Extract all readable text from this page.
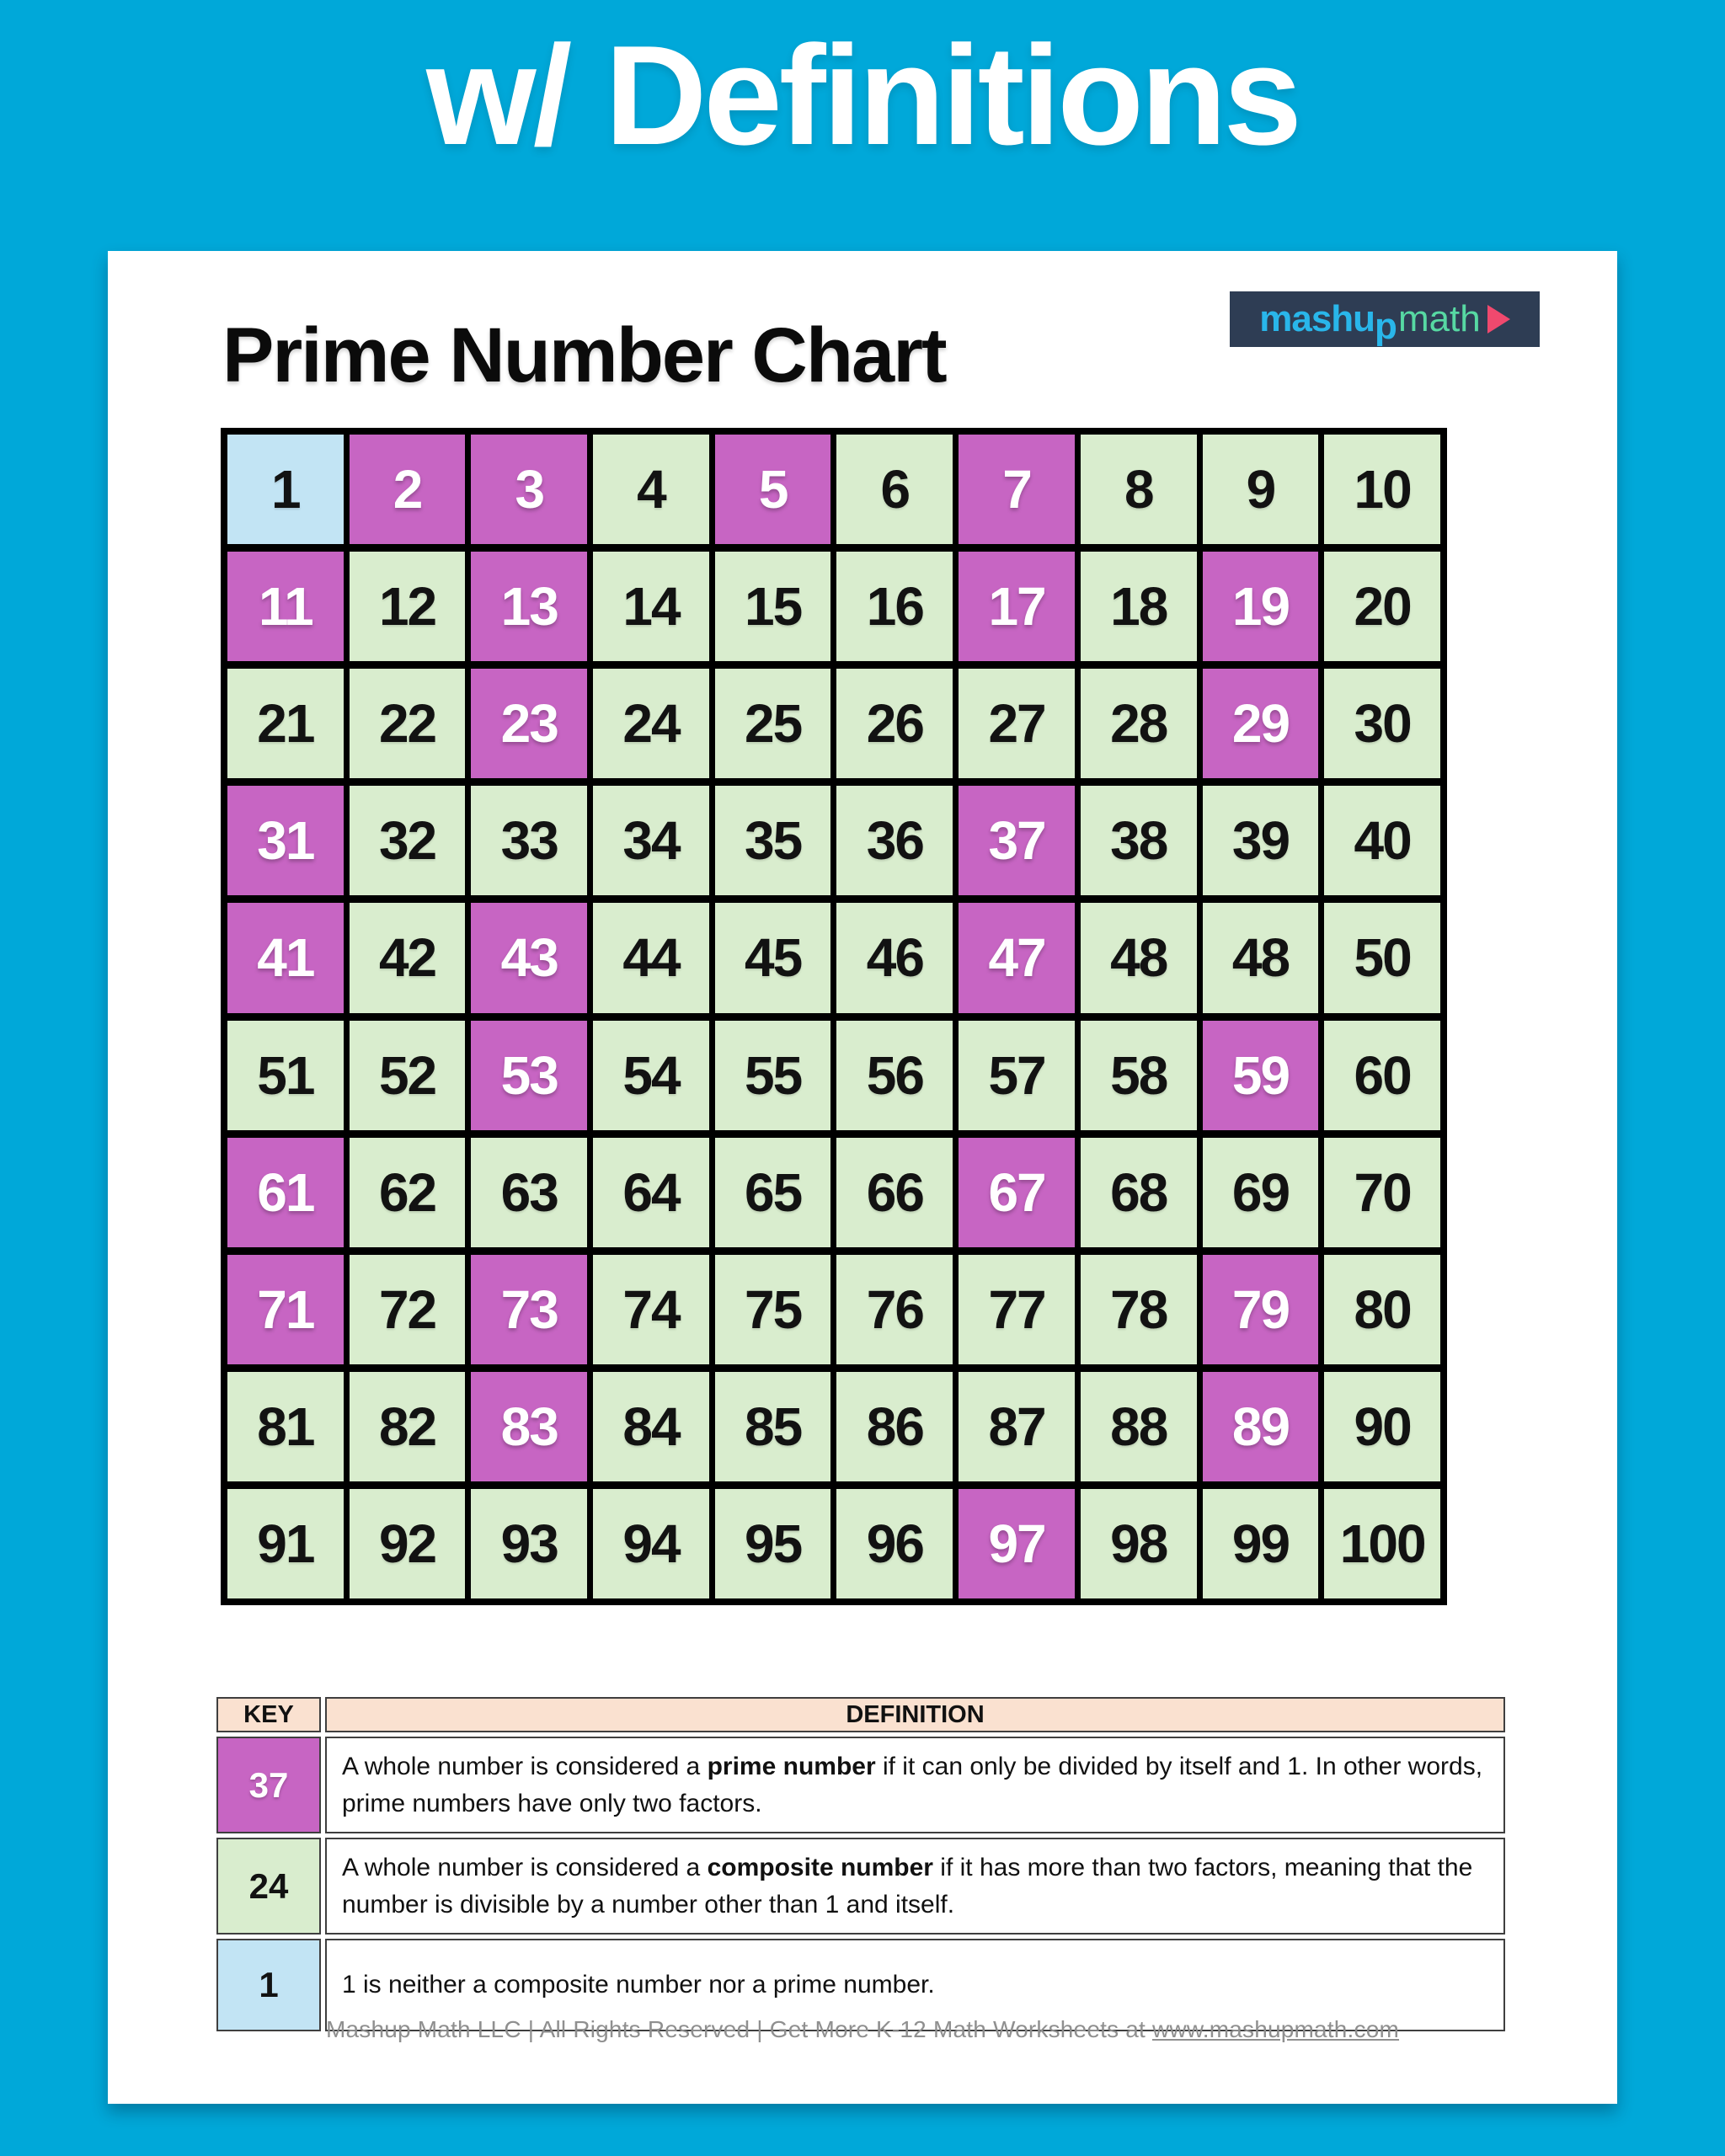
w/ Definitions
mashu p math
Prime Number Chart
1	2	3	4	5	6	7	8	9	10
11	12	13	14	15	16	17	18	19	20
21	22	23	24	25	26	27	28	29	30
31	32	33	34	35	36	37	38	39	40
41	42	43	44	45	46	47	48	48	50
51	52	53	54	55	56	57	58	59	60
61	62	63	64	65	66	67	68	69	70
71	72	73	74	75	76	77	78	79	80
81	82	83	84	85	86	87	88	89	90
91	92	93	94	95	96	97	98	99 100
KEY	DEFINITION
37	A whole number is considered a prime number if it can only be divided by itself and 1. In other words, prime numbers have only two factors.
24	A whole number is considered a composite number if it has more than two factors, meaning that the number is divisible by a number other than 1 and itself.
1	1 is neither a composite number nor a prime number.
Mashup Math LLC | All Rights Reserved | Get More K-12 Math Worksheets at www.mashupmath.com
